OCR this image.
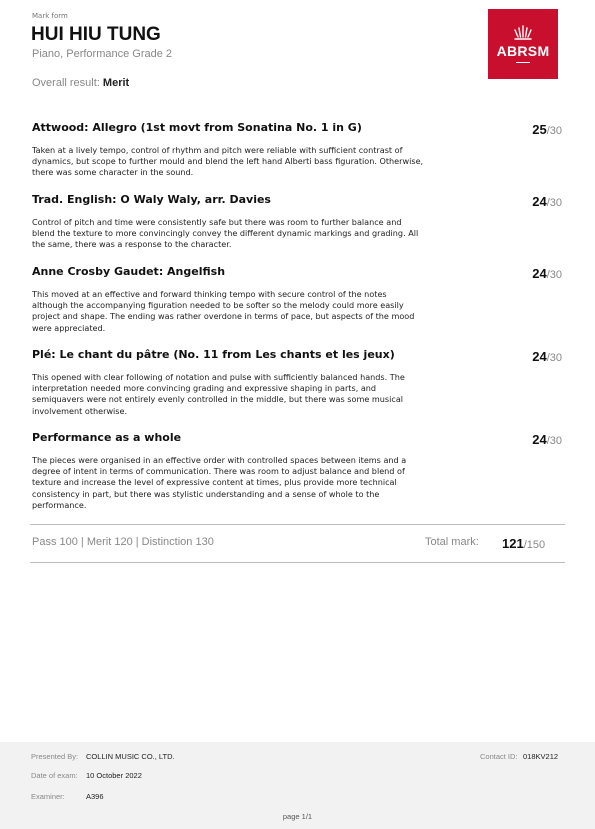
Mark form
HUI HIU TUNG
Piano, Performance Grade 2
Overall result: Merit
ABRSM
Attwood: Allegro (1st movt from Sonatina No. 1 in G)	25/30
Taken at a lively tempo, control of rhythm and pitch were reliable with sufficient contrast of dynamics, but scope to further mould and blend the left hand Alberti bass figuration. Otherwise, there was some character in the sound.
Trad. English: O Waly Waly, arr. Davies	24/30
Control of pitch and time were consistently safe but there was room to further balance and blend the texture to more convincingly convey the different dynamic markings and grading. All the same, there was a response to the character.
Anne Crosby Gaudet: Angelfish	24/30
This moved at an effective and forward thinking tempo with secure control of the notes although the accompanying figuration needed to be softer so the melody could more easily project and shape. The ending was rather overdone in terms of pace, but aspects of the mood were appreciated.
Plé: Le chant du pâtre (No. 11 from Les chants et les jeux)	24/30
This opened with clear following of notation and pulse with sufficiently balanced hands. The interpretation needed more convincing grading and expressive shaping in parts, and semiquavers were not entirely evenly controlled in the middle, but there was some musical involvement otherwise.
Performance as a whole	24/30
The pieces were organised in an effective order with controlled spaces between items and a degree of intent in terms of communication. There was room to adjust balance and blend of texture and increase the level of expressive content at times, plus provide more technical consistency in part, but there was stylistic understanding and a sense of whole to the performance.
Pass 100 | Merit 120 | Distinction 130	Total mark: 121/150
Presented By: COLLIN MUSIC CO., LTD.	Contact ID: 018KV212
Date of exam: 10 October 2022
Examiner:	A396
page 1/1
